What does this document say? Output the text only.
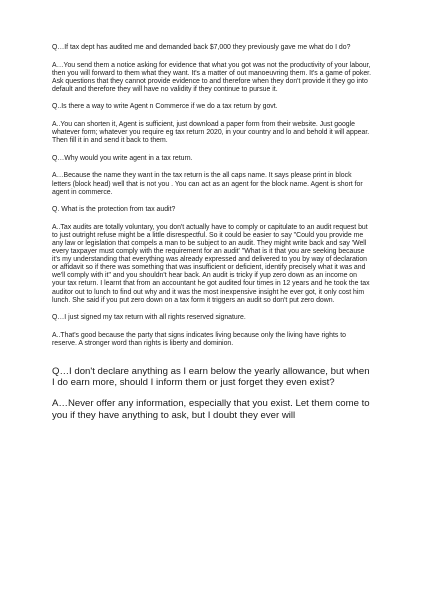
Q…If tax dept has audited me and demanded back $7,000 they previously gave me what do I do?

A…You send them a notice asking for evidence that what you got was not the productivity of your labour, then you will forward to them what they want. It's a matter of out manoeuvring them. It's a game of poker. Ask questions that they cannot provide evidence to and therefore when they don't provide it they go into default and therefore they will have no validity if they continue to pursue it.

Q..Is there a way to write Agent n Commerce if we do a tax return by govt.

A..You can shorten it, Agent is sufficient, just download a paper form from their website. Just google whatever form; whatever you require eg tax return 2020, in your country and lo and behold it will appear. Then fill it in and send it back to them.

Q…Why would you write agent in a tax return.

A…Because the name they want in the tax return is the all caps name. It says please print in block letters (block head) well that is not you . You can act as an agent for the block name. Agent is short for agent in commerce.

Q. What is the protection from tax audit?

A..Tax audits are totally voluntary, you don't actually have to comply or capitulate to an audit request but to just outright refuse might be a little disrespectful. So it could be easier to say "Could you provide me any law or legislation that compels a man to be subject to an audit. They might write back and say 'Well every taxpayer must comply with the requirement for an audit' "What is it that you are seeking because it's my understanding that everything was already expressed and delivered to you by way of declaration or affidavit so if there was something that was insufficient or deficient, identify precisely what it was and we'll comply with it" and you shouldn't hear back. An audit is tricky if yup zero down as an income on your tax return. I learnt that from an accountant he got audited four times in 12 years and he took the tax auditor out to lunch to find out why and it was the most inexpensive insight he ever got, it only cost him lunch. She said if you put zero down on a tax form it triggers an audit so don't put zero down.

Q…I just signed my tax return with all rights reserved signature.

A..That's good because the party that signs indicates living because only the living have rights to reserve. A stronger word than rights is liberty and dominion.

Q…I don't declare anything as I earn below the yearly allowance, but when I do earn more, should I inform them or just forget they even exist?

A…Never offer any information, especially that you exist. Let them come to you if they have anything to ask, but I doubt they ever will
